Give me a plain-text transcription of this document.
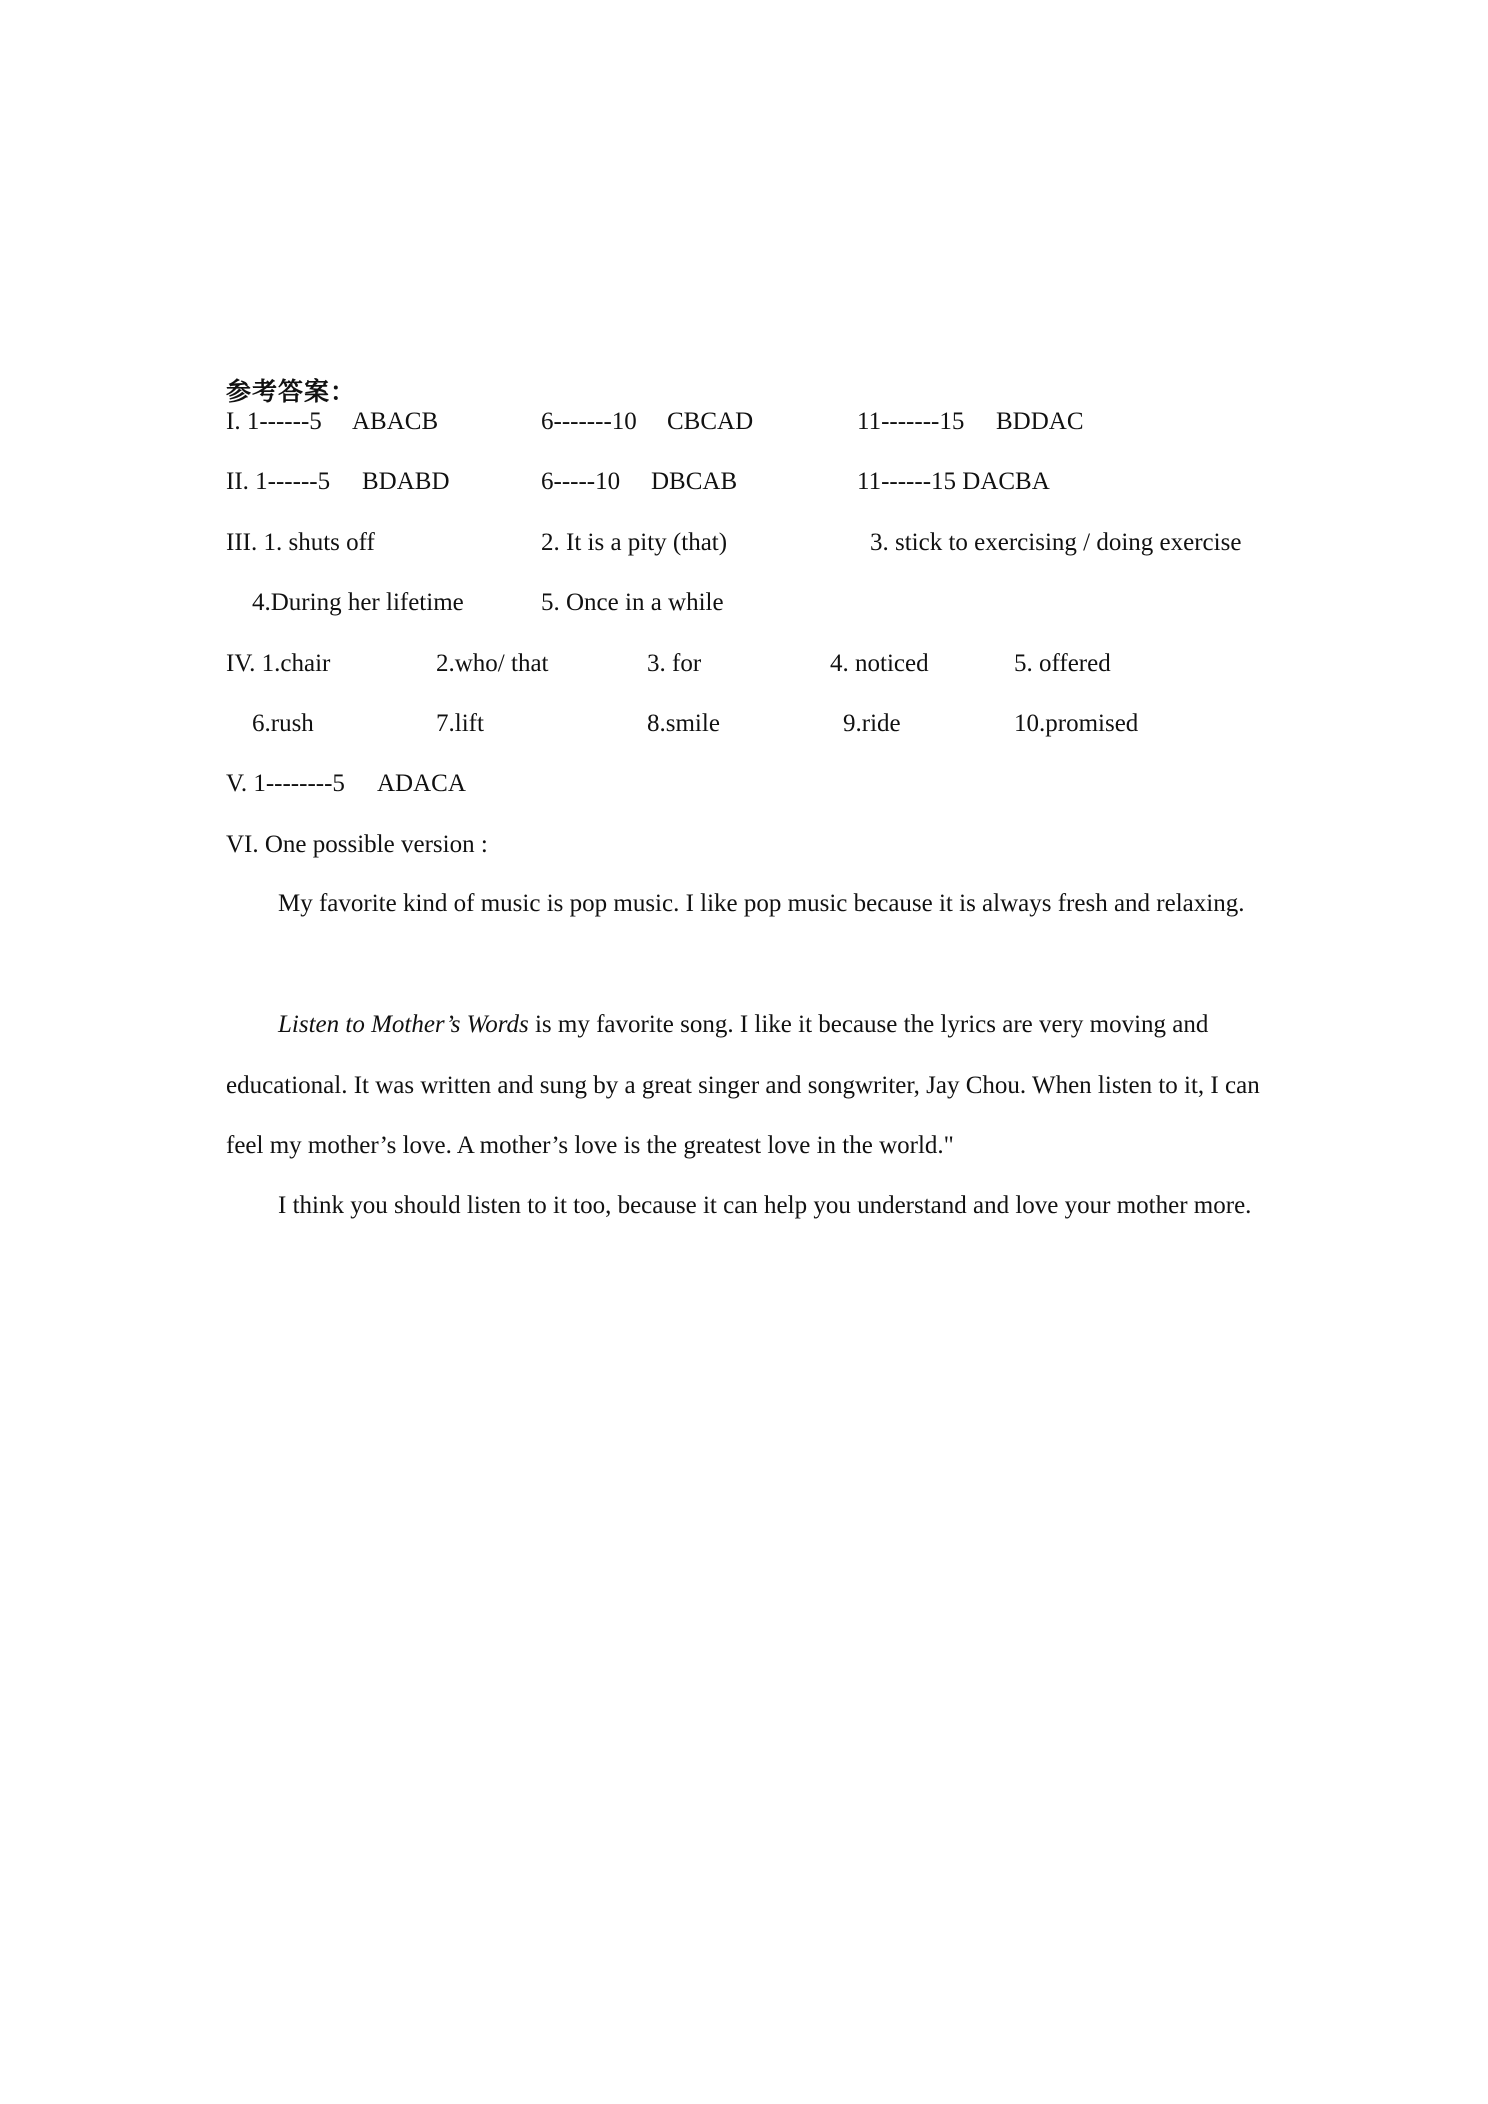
参考答案：
I. 1------5 ABACB	6-------10 CBCAD	11-------15 BDDAC
II. 1------5 BDABD	6-----10 DBCAB	11------15 DACBA
III. 1. shuts off	2. It is a pity (that)	3. stick to exercising / doing exercise
4.During her lifetime	5. Once in a while
IV. 1.chair	2.who/ that	3. for	4. noticed	5. offered
6.rush	7.lift	8.smile	9.ride	10.promised
V. 1--------5 ADACA
VI. One possible version :
My favorite kind of music is pop music. I like pop music because it is always fresh and relaxing.
Listen to Mother’s Words is my favorite song. I like it because the lyrics are very moving and educational. It was written and sung by a great singer and songwriter, Jay Chou. When listen to it, I can feel my mother’s love. A mother’s love is the greatest love in the world."
I think you should listen to it too, because it can help you understand and love your mother more.
